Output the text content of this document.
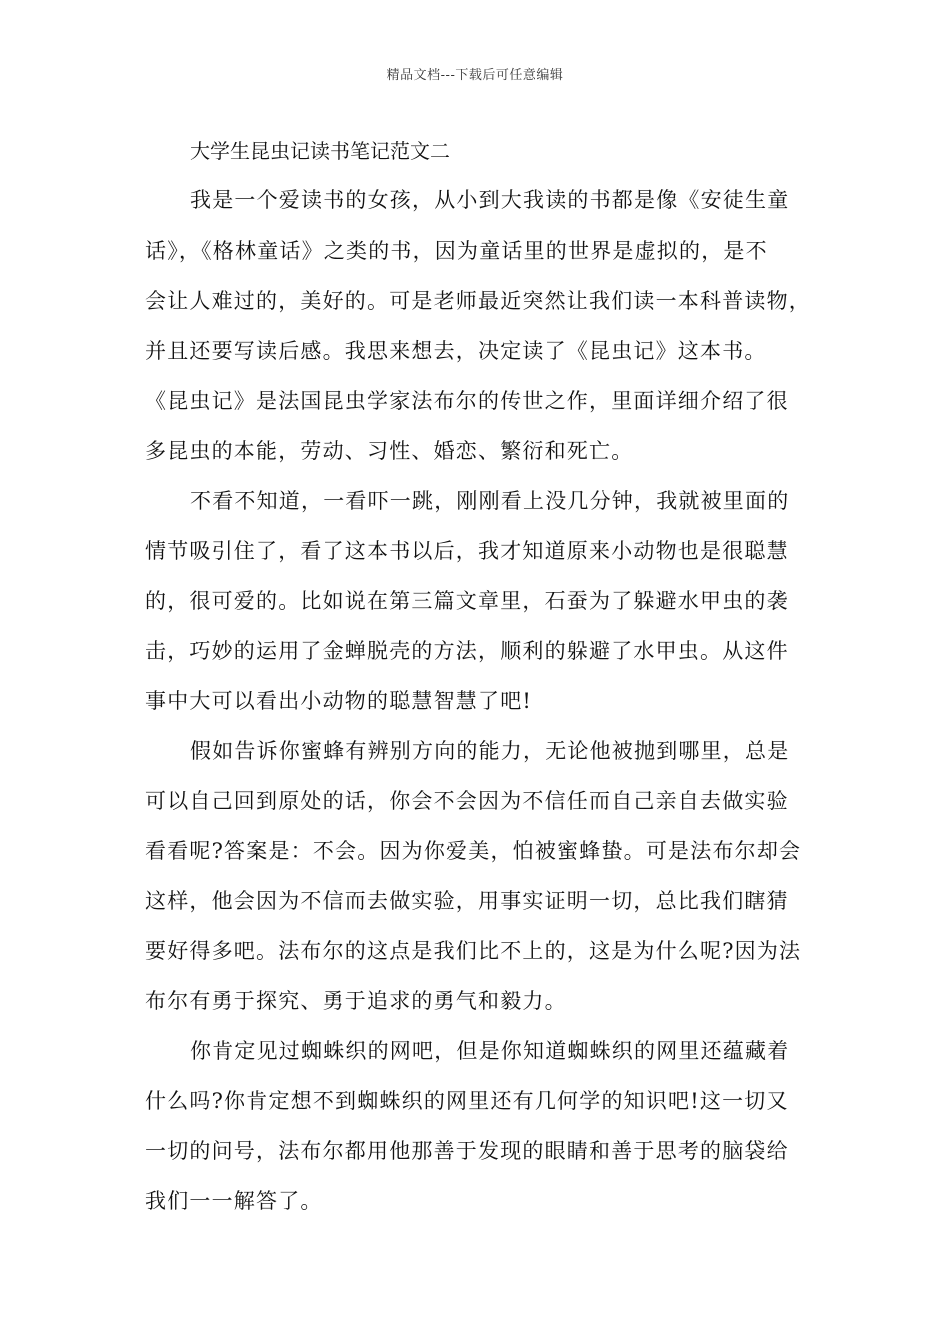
精品文档---下载后可任意编辑
大学生昆虫记读书笔记范文二
我是一个爱读书的女孩，从小到大我读的书都是像《安徒生童
话》，《格林童话》之类的书，因为童话里的世界是虚拟的，是不
会让人难过的，美好的。可是老师最近突然让我们读一本科普读物，
并且还要写读后感。我思来想去，决定读了《昆虫记》这本书。
《昆虫记》是法国昆虫学家法布尔的传世之作，里面详细介绍了很
多昆虫的本能，劳动、习性、婚恋、繁衍和死亡。
不看不知道，一看吓一跳，刚刚看上没几分钟，我就被里面的
情节吸引住了，看了这本书以后，我才知道原来小动物也是很聪慧
的，很可爱的。比如说在第三篇文章里，石蚕为了躲避水甲虫的袭
击，巧妙的运用了金蝉脱壳的方法，顺利的躲避了水甲虫。从这件
事中大可以看出小动物的聪慧智慧了吧!
假如告诉你蜜蜂有辨别方向的能力，无论他被抛到哪里，总是
可以自己回到原处的话，你会不会因为不信任而自己亲自去做实验
看看呢?答案是：不会。因为你爱美，怕被蜜蜂蛰。可是法布尔却会
这样，他会因为不信而去做实验，用事实证明一切，总比我们瞎猜
要好得多吧。法布尔的这点是我们比不上的，这是为什么呢?因为法
布尔有勇于探究、勇于追求的勇气和毅力。
你肯定见过蜘蛛织的网吧，但是你知道蜘蛛织的网里还蕴藏着
什么吗?你肯定想不到蜘蛛织的网里还有几何学的知识吧!这一切又
一切的问号，法布尔都用他那善于发现的眼睛和善于思考的脑袋给
我们一一解答了。
